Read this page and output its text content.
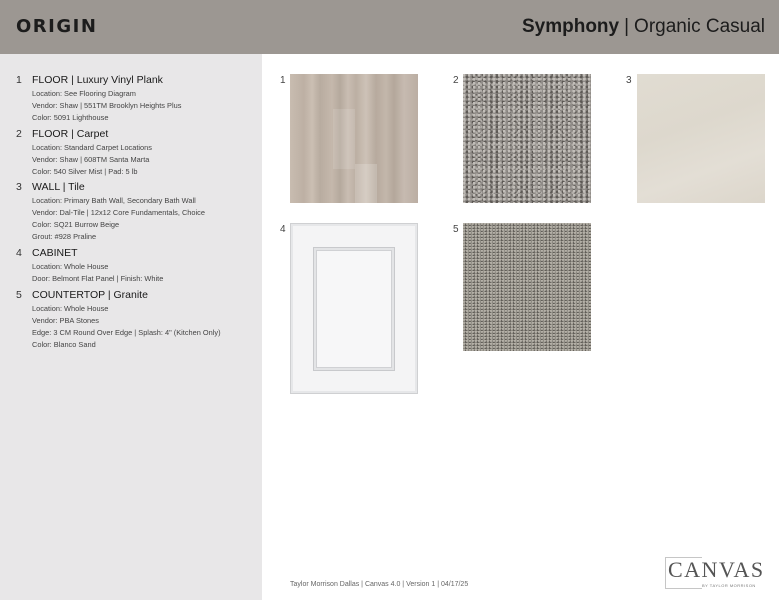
ORIGIN	Symphony | Organic Casual
1 FLOOR | Luxury Vinyl Plank
Location: See Flooring Diagram
Vendor: Shaw | 551TM Brooklyn Heights Plus
Color: 5091 Lighthouse
2 FLOOR | Carpet
Location: Standard Carpet Locations
Vendor: Shaw | 608TM Santa Marta
Color: 540 Silver Mist | Pad: 5 lb
3 WALL | Tile
Location: Primary Bath Wall, Secondary Bath Wall
Vendor: Dal-Tile | 12x12 Core Fundamentals, Choice
Color: SQ21 Burrow Beige
Grout: #928 Praline
4 CABINET
Location: Whole House
Door: Belmont Flat Panel | Finish: White
5 COUNTERTOP | Granite
Location: Whole House
Vendor: PBA Stones
Edge: 3 CM Round Over Edge | Splash: 4" (Kitchen Only)
Color: Blanco Sand
1	2	3
4	5
Taylor Morrison Dallas | Canvas 4.0 | Version 1 | 04/17/25
CANVAS
BY TAYLOR MORRISON
